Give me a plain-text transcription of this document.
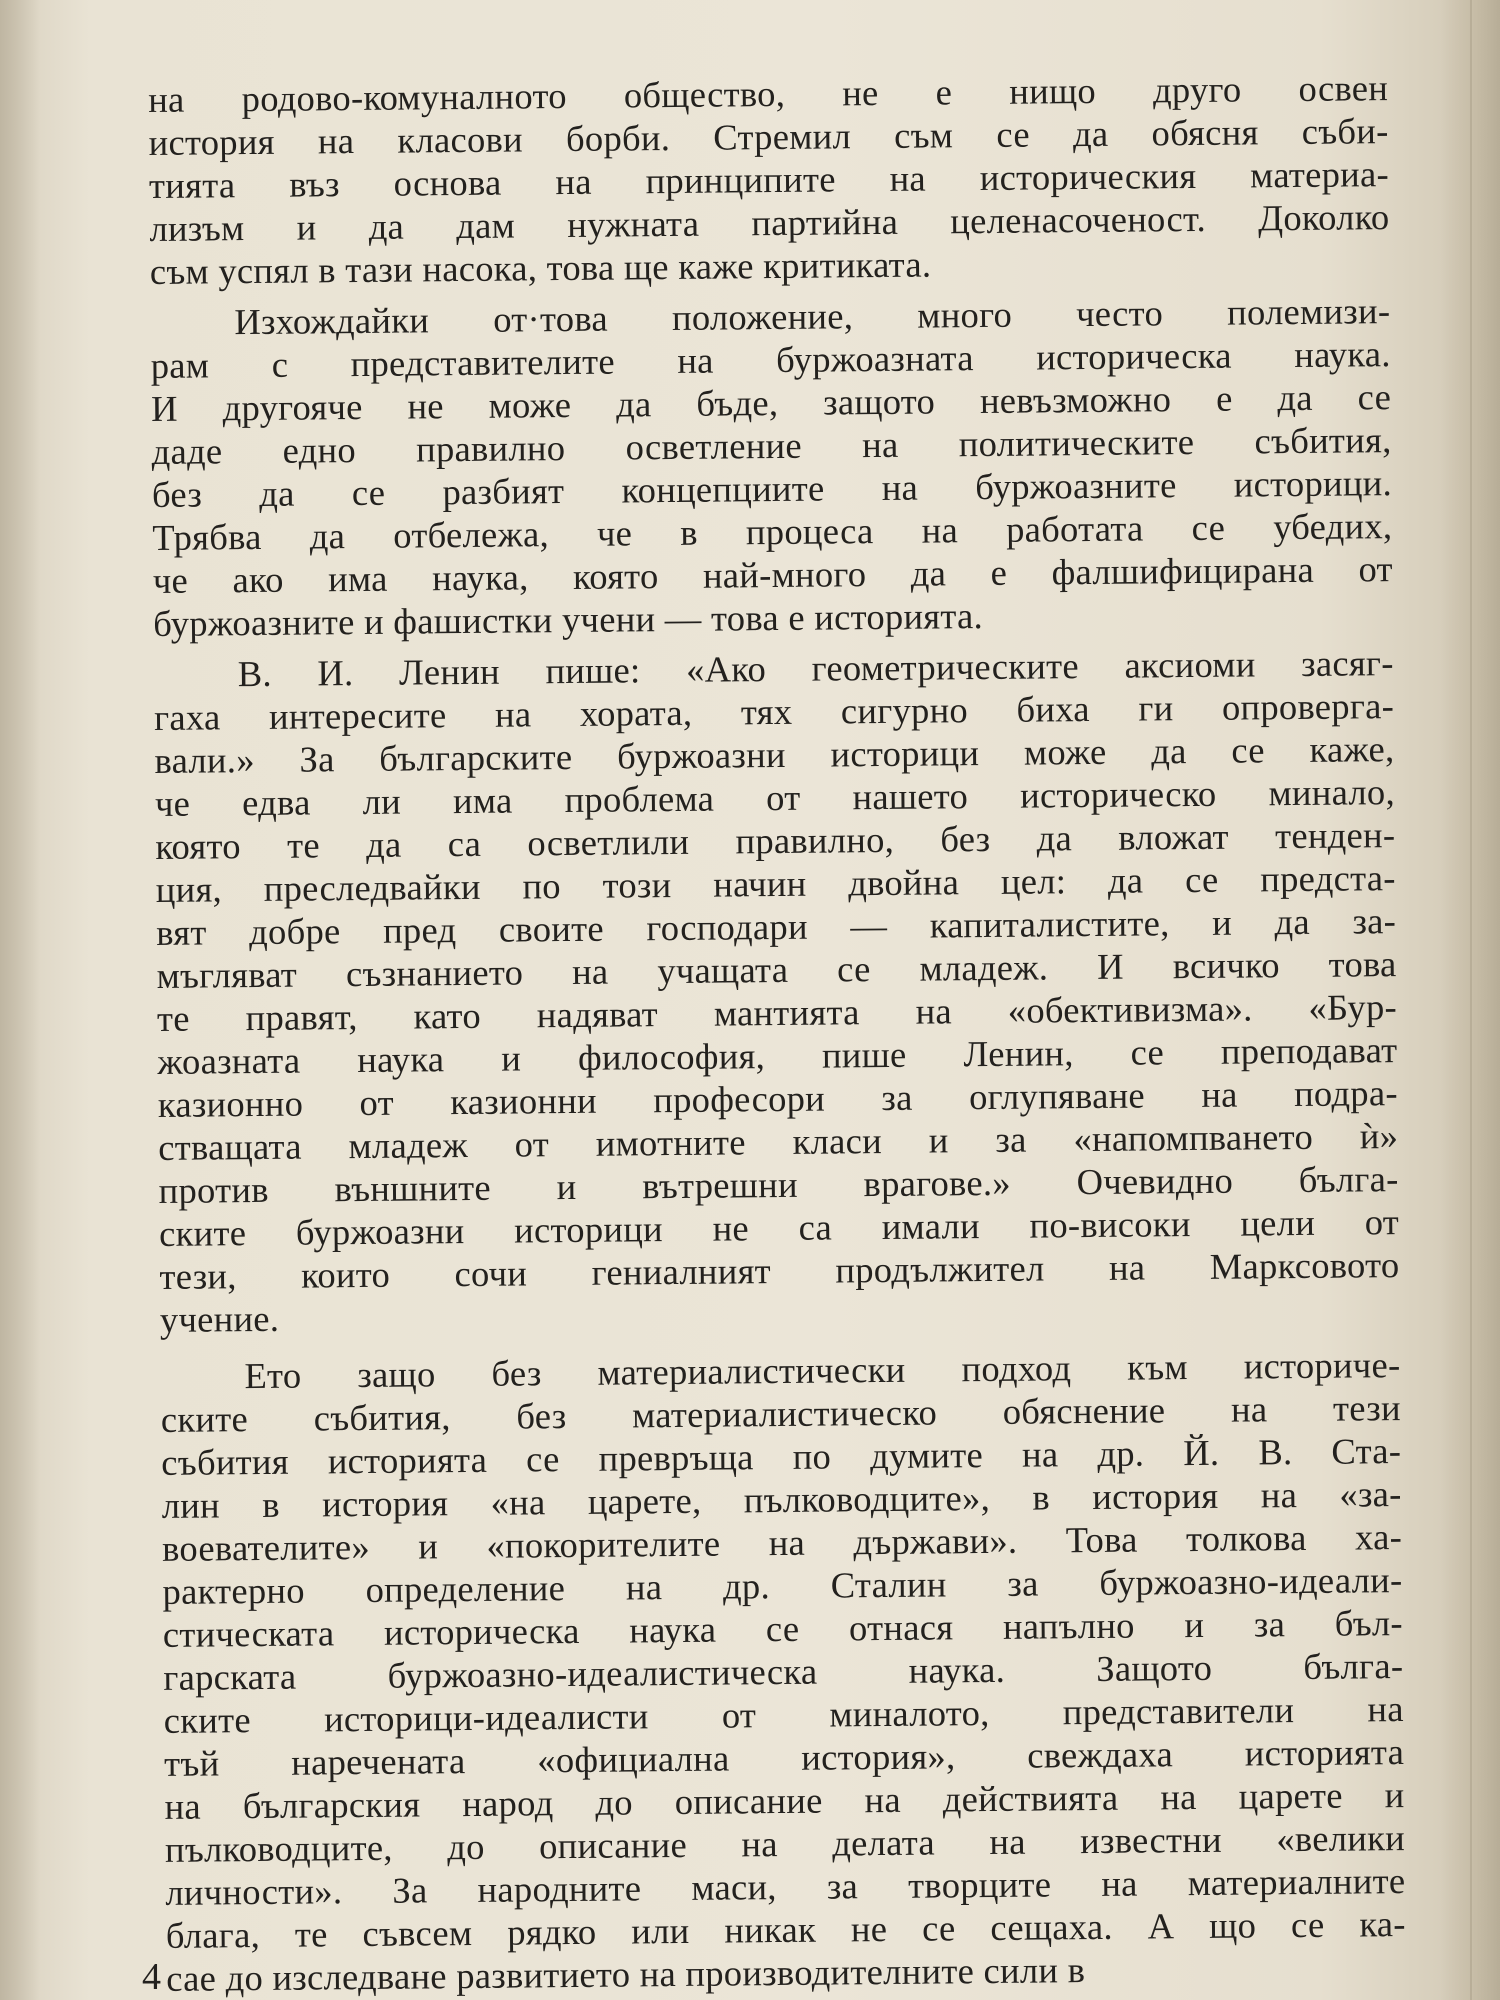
на родово-комуналното общество, не е нищо друго освен
история на класови борби. Стремил съм се да обясня съби-
тията въз основа на принципите на историческия материа-
лизъм и да дам нужната партийна целенасоченост. Доколко
съм успял в тази насока, това ще каже критиката.
Изхождайки от·това положение, много често полемизи-
рам с представителите на буржоазната историческа наука.
И другояче не може да бъде, защото невъзможно е да се
даде едно правилно осветление на политическите събития,
без да се разбият концепциите на буржоазните историци.
Трябва да отбележа, че в процеса на работата се убедих,
че ако има наука, която най-много да е фалшифицирана от
буржоазните и фашистки учени — това е историята.
В. И. Ленин пише: «Ако геометрическите аксиоми засяг-
гаха интересите на хората, тях сигурно биха ги опроверга-
вали.» За българските буржоазни историци може да се каже,
че едва ли има проблема от нашето историческо минало,
която те да са осветлили правилно, без да вложат тенден-
ция, преследвайки по този начин двойна цел: да се предста-
вят добре пред своите господари — капиталистите, и да за-
мъгляват съзнанието на учащата се младеж. И всичко това
те правят, като надяват мантията на «обективизма». «Бур-
жоазната наука и философия, пише Ленин, се преподават
казионно от казионни професори за оглупяване на подра-
стващата младеж от имотните класи и за «напомпването ѝ»
против външните и вътрешни врагове.» Очевидно бълга-
ските буржоазни историци не са имали по-високи цели от
тези, които сочи гениалният продължител на Марксовото
учение.
Ето защо без материалистически подход към историче-
ските събития, без материалистическо обяснение на тези
събития историята се превръща по думите на др. Й. В. Ста-
лин в история «на царете, пълководците», в история на «за-
воевателите» и «покорителите на държави». Това толкова ха-
рактерно определение на др. Сталин за буржоазно-идеали-
стическата историческа наука се отнася напълно и за бъл-
гарската буржоазно-идеалистическа наука. Защото бълга-
ските историци-идеалисти от миналото, представители на
тъй наречената «официална история», свеждаха историята
на българския народ до описание на действията на царете и
пълководците, до описание на делата на известни «велики
личности». За народните маси, за творците на материалните
блага, те съвсем рядко или никак не се сещаха. А що се ка-
сае до изследване развитието на производителните сили в
4
